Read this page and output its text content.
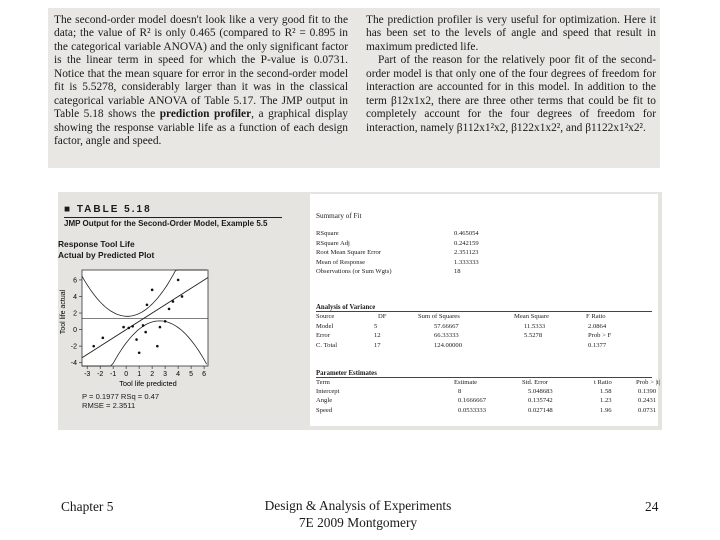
The second-order model doesn't look like a very good fit to the data; the value of R² is only 0.465 (compared to R² = 0.895 in the categorical variable ANOVA) and the only significant factor is the linear term in speed for which the P-value is 0.0731. Notice that the mean square for error in the second-order model fit is 5.5278, considerably larger than it was in the classical categorical variable ANOVA of Table 5.17. The JMP output in Table 5.18 shows the prediction profiler, a graphical display showing the response variable life as a function of each design factor, angle and speed.

The prediction profiler is very useful for optimization. Here it has been set to the levels of angle and speed that result in maximum predicted life.

Part of the reason for the relatively poor fit of the second-order model is that only one of the four degrees of freedom for interaction are accounted for in this model. In addition to the term β12x1x2, there are three other terms that could be fit to completely account for the four degrees of freedom for interaction, namely β112x1²x2, β122x1x2², and β1122x1²x2².

■ TABLE 5.18
JMP Output for the Second-Order Model, Example 5.5
Response Tool Life
Actual by Predicted Plot
Tool life actual
Tool life predicted
-3 -2 -1 0 1 2 3 4 5 6
6
4
2
0
-2
-4
P = 0.1977 RSq = 0.47
RMSE = 2.3511
Summary of Fit
RSquare	0.465054
RSquare Adj	0.242159
Root Mean Square Error	2.351123
Mean of Response	1.333333
Observations (or Sum Wgts)	18
Analysis of Variance
Source	DF	Sum of Squares	Mean Square	F Ratio
Model	5	57.66667	11.5333	2.0864
Error	12	66.33333	5.5278	Prob > F
C. Total	17	124.00000	0.1377
Parameter Estimates
Term	Estimate	Std. Error	t Ratio	Prob > |t|
Intercept	8	5.048683	1.58	0.1390
Angle	0.1666667	0.135742	1.23	0.2431
Speed	0.0533333	0.027148	1.96	0.0731
Chapter 5	Design & Analysis of Experiments
7E 2009 Montgomery
24
